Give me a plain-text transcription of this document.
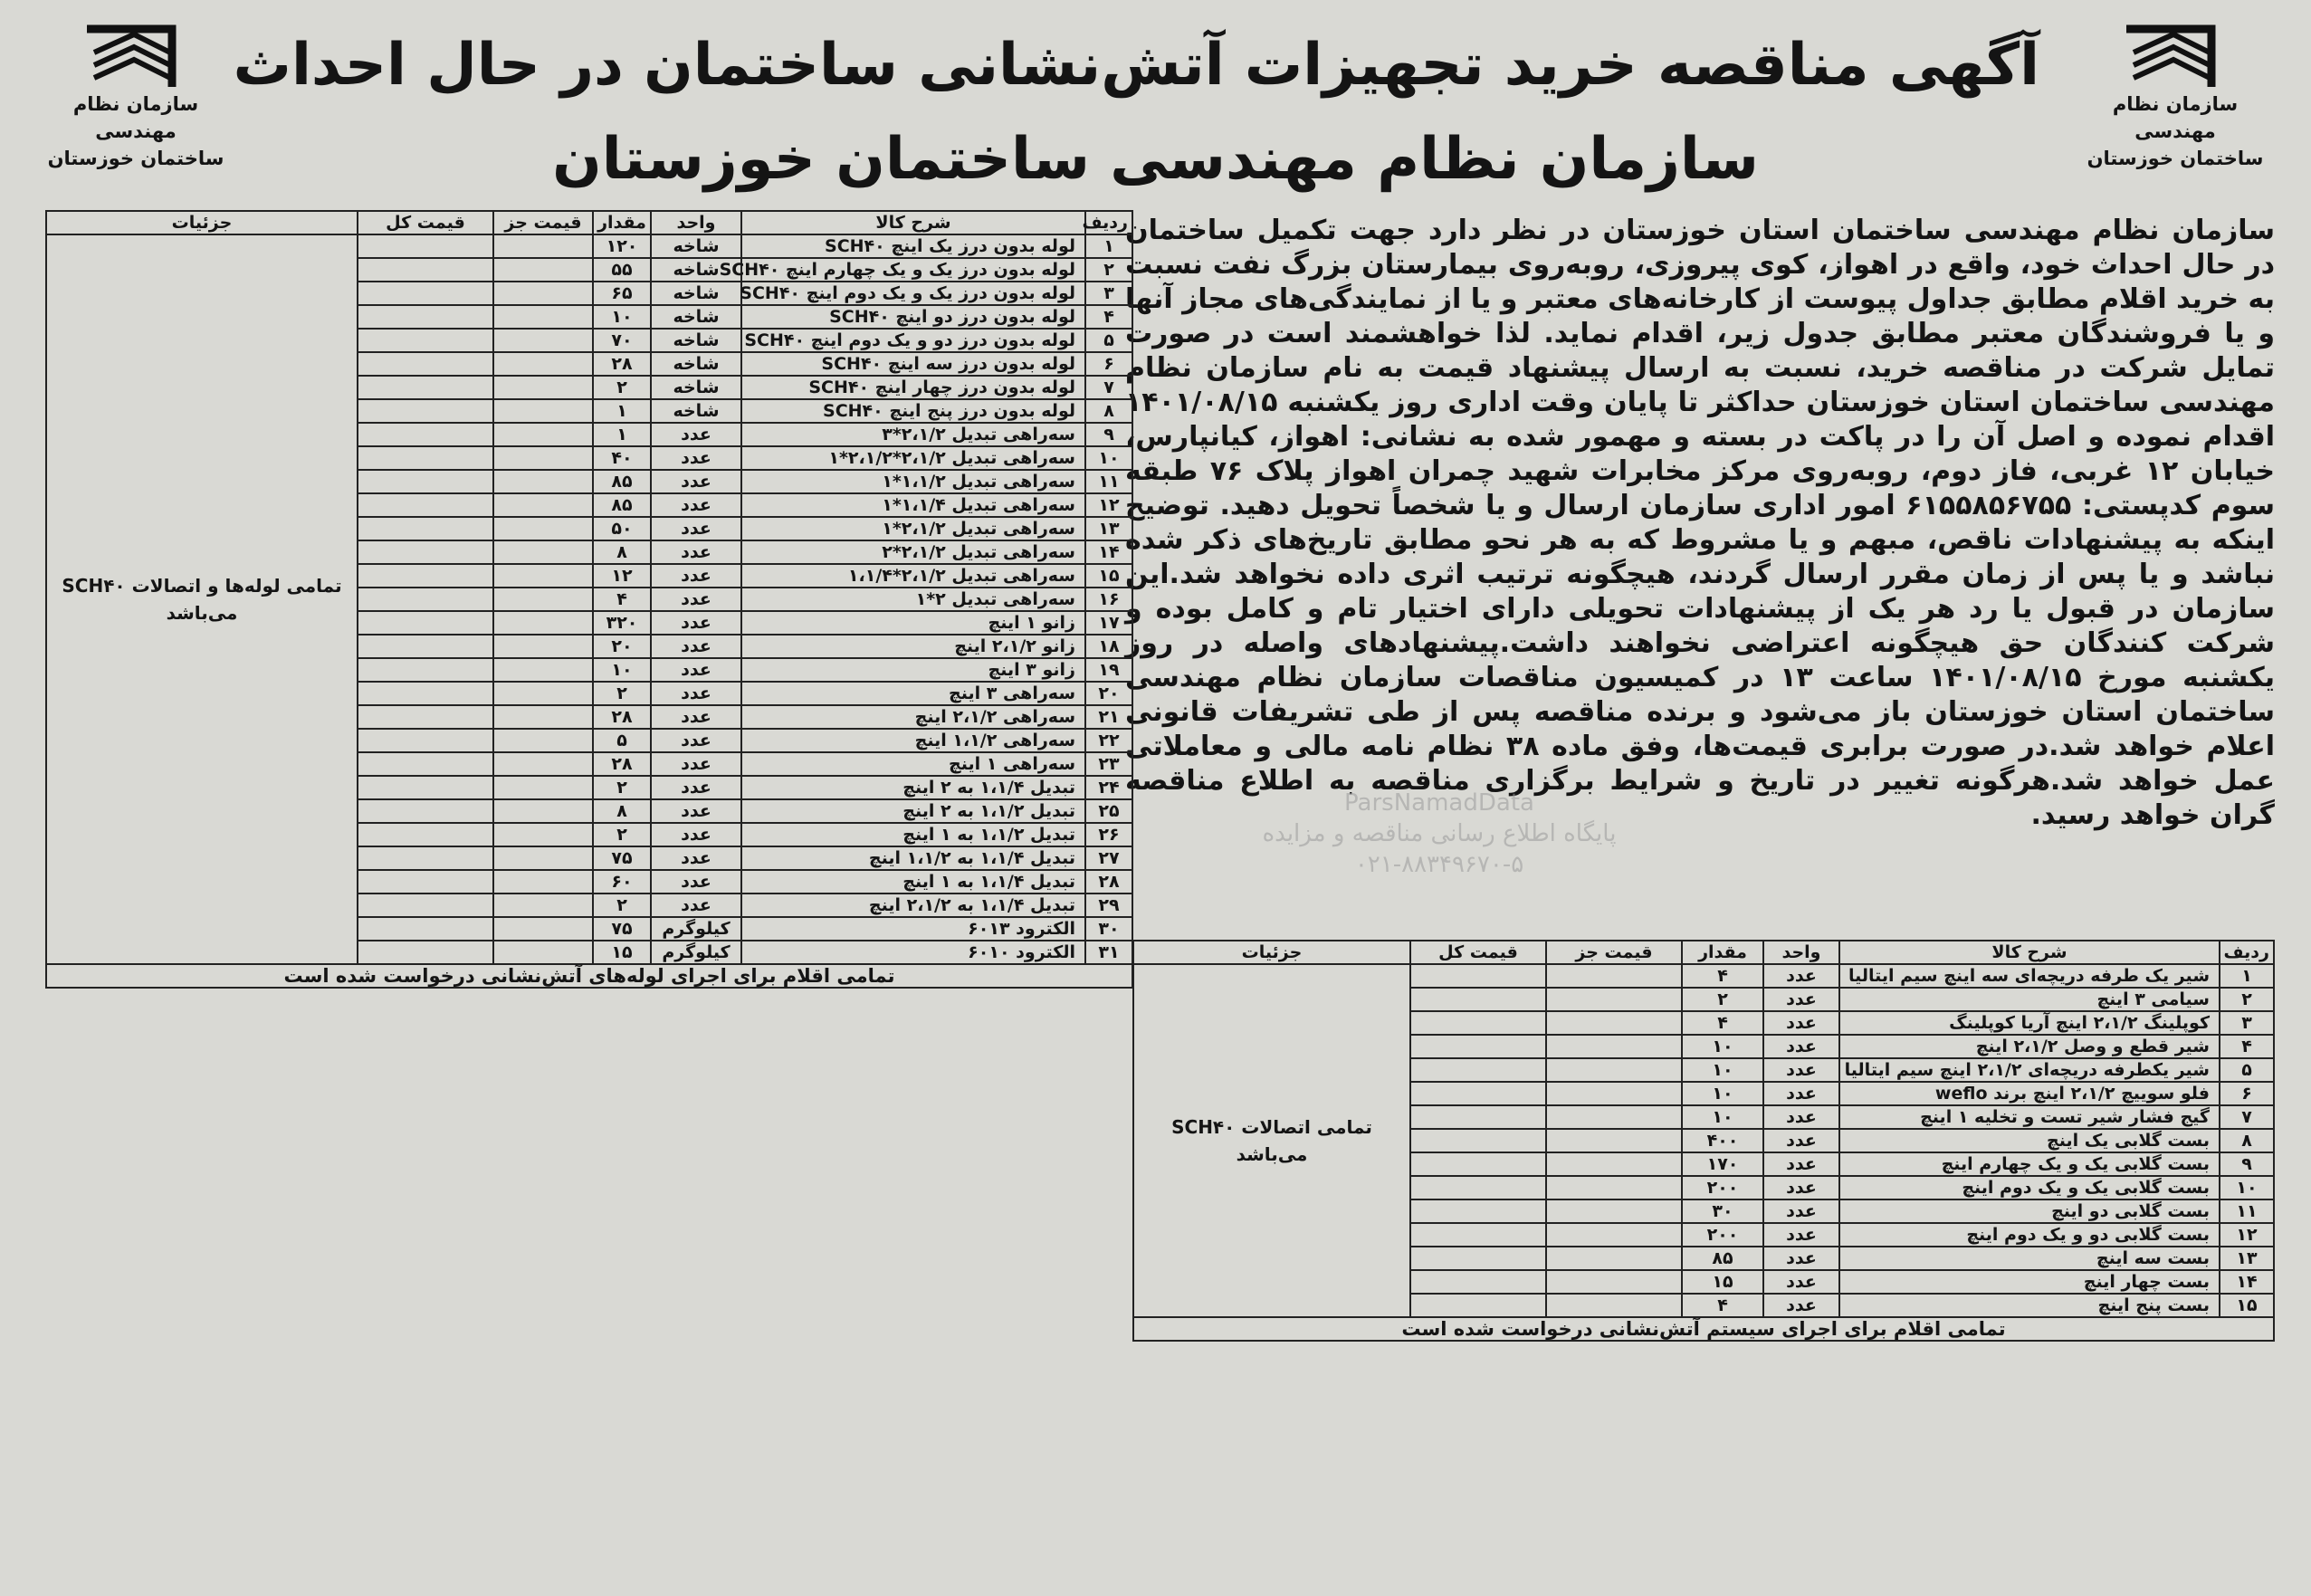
سازمان نظام مهندسی
ساختمان خوزستان
سازمان نظام مهندسی
ساختمان خوزستان
آگهی مناقصه خرید تجهیزات آتش‌نشانی ساختمان در حال احداث
سازمان نظام مهندسی ساختمان خوزستان
سازمان نظام مهندسی ساختمان استان خوزستان در نظر دارد جهت تکمیل ساختمان در حال احداث خود، واقع در اهواز، کوی پیروزی، روبه‌روی بیمارستان بزرگ نفت نسبت به خرید اقلام مطابق جداول پیوست از کارخانه‌های معتبر و یا از نمایندگی‌های مجاز آنها و یا فروشندگان معتبر مطابق جدول زیر، اقدام نماید. لذا خواهشمند است در صورت تمایل شرکت در مناقصه خرید، نسبت به ارسال پیشنهاد قیمت به نام سازمان نظام مهندسی ساختمان استان خوزستان حداکثر تا پایان وقت اداری روز یکشنبه ۱۴۰۱/۰۸/۱۵ اقدام نموده و اصل آن را در پاکت در بسته و مهمور شده به نشانی: اهواز، کیانپارس، خیابان ۱۲ غربی، فاز دوم، روبه‌روی مرکز مخابرات شهید چمران اهواز پلاک ۷۶ طبقه سوم کدپستی: ۶۱۵۵۸۵۶۷۵۵ امور اداری سازمان ارسال و یا شخصاً تحویل دهید. توضیح اینکه به پیشنهادات ناقص، مبهم و یا مشروط که به هر نحو مطابق تاریخ‌های ذکر شده نباشد و یا پس از زمان مقرر ارسال گردند، هیچگونه ترتیب اثری داده نخواهد شد.این سازمان در قبول یا رد هر یک از پیشنهادات تحویلی دارای اختیار تام و کامل بوده و شرکت کنندگان حق هیچگونه اعتراضی نخواهند داشت.پیشنهادهای واصله در روز یکشنبه مورخ ۱۴۰۱/۰۸/۱۵ ساعت ۱۳ در کمیسیون مناقصات سازمان نظام مهندسی ساختمان استان خوزستان باز می‌شود و برنده مناقصه پس از طی تشریفات قانونی اعلام خواهد شد.در صورت برابری قیمت‌ها، وفق ماده ۳۸ نظام نامه مالی و معاملاتی عمل خواهد شد.هرگونه تغییر در تاریخ و شرایط برگزاری مناقصه به اطلاع مناقصه گران خواهد رسید.
ردیف	شرح کالا	واحد	مقدار	قیمت جز	قیمت کل	جزئیات
۱	لوله بدون درز یک اینچ SCH۴۰	شاخه	۱۲۰			تمامی لوله‌ها و اتصالات SCH۴۰ می‌باشد
۲	لوله بدون درز یک و یک چهارم اینچ SCH۴۰	شاخه	۵۵			
۳	لوله بدون درز یک و یک دوم اینچ SCH۴۰	شاخه	۶۵			
۴	لوله بدون درز دو اینچ SCH۴۰	شاخه	۱۰			
۵	لوله بدون درز دو و یک دوم اینچ SCH۴۰	شاخه	۷۰			
۶	لوله بدون درز سه اینچ SCH۴۰	شاخه	۲۸			
۷	لوله بدون درز چهار اینچ SCH۴۰	شاخه	۲			
۸	لوله بدون درز پنج اینچ SCH۴۰	شاخه	۱			
۹	سه‌راهی تبدیل ۲،۱/۲*۳	عدد	۱			
۱۰	سه‌راهی تبدیل ۲،۱/۲*۲،۱/۲*۱	عدد	۴۰			
۱۱	سه‌راهی تبدیل ۱،۱/۲*۱	عدد	۸۵			
۱۲	سه‌راهی تبدیل ۱،۱/۴*۱	عدد	۸۵			
۱۳	سه‌راهی تبدیل ۲،۱/۲*۱	عدد	۵۰			
۱۴	سه‌راهی تبدیل ۲،۱/۲*۲	عدد	۸			
۱۵	سه‌راهی تبدیل ۲،۱/۲*۱،۱/۴	عدد	۱۲			
۱۶	سه‌راهی تبدیل ۲*۱	عدد	۴			
۱۷	زانو ۱ اینچ	عدد	۳۲۰			
۱۸	زانو ۲،۱/۲ اینچ	عدد	۲۰			
۱۹	زانو ۳ اینچ	عدد	۱۰			
۲۰	سه‌راهی ۳ اینچ	عدد	۲			
۲۱	سه‌راهی ۲،۱/۲ اینچ	عدد	۲۸			
۲۲	سه‌راهی ۱،۱/۲ اینچ	عدد	۵			
۲۳	سه‌راهی ۱ اینچ	عدد	۲۸			
۲۴	تبدیل ۱،۱/۴ به ۲ اینچ	عدد	۲			
۲۵	تبدیل ۱،۱/۲ به ۲ اینچ	عدد	۸			
۲۶	تبدیل ۱،۱/۲ به ۱ اینچ	عدد	۲			
۲۷	تبدیل ۱،۱/۴ به ۱،۱/۲ اینچ	عدد	۷۵			
۲۸	تبدیل ۱،۱/۴ به ۱ اینچ	عدد	۶۰			
۲۹	تبدیل ۱،۱/۴ به ۲،۱/۲ اینچ	عدد	۲			
۳۰	الکترود ۶۰۱۳	کیلوگرم	۷۵			
۳۱	الکترود ۶۰۱۰	کیلوگرم	۱۵			
تمامی اقلام برای اجرای لوله‌های آتش‌نشانی درخواست شده است						
ردیف	شرح کالا	واحد	مقدار	قیمت جز	قیمت کل	جزئیات
۱	شیر یک طرفه دریچه‌ای سه اینچ سیم ایتالیا	عدد	۴			تمامی اتصالات SCH۴۰ می‌باشد
۲	سیامی ۳ اینچ	عدد	۲			
۳	کوپلینگ ۲،۱/۲ اینچ آریا کوپلینگ	عدد	۴			
۴	شیر قطع و وصل ۲،۱/۲ اینچ	عدد	۱۰			
۵	شیر یکطرفه دریچه‌ای ۲،۱/۲ اینچ سیم ایتالیا	عدد	۱۰			
۶	فلو سوییچ ۲،۱/۲ اینچ برند weflo	عدد	۱۰			
۷	گیج فشار شیر تست و تخلیه ۱ اینچ	عدد	۱۰			
۸	بست گلابی یک اینچ	عدد	۴۰۰			
۹	بست گلابی یک و یک چهارم اینچ	عدد	۱۷۰			
۱۰	بست گلابی یک و یک دوم اینچ	عدد	۲۰۰			
۱۱	بست گلابی دو اینچ	عدد	۳۰			
۱۲	بست گلابی دو و یک دوم اینچ	عدد	۲۰۰			
۱۳	بست سه اینچ	عدد	۸۵			
۱۴	بست چهار اینچ	عدد	۱۵			
۱۵	بست پنج اینچ	عدد	۴			
تمامی اقلام برای اجرای سیستم آتش‌نشانی درخواست شده است						
ParsNamadData
پایگاه اطلاع رسانی مناقصه و مزایده
۰۲۱-۸۸۳۴۹۶۷۰-۵
